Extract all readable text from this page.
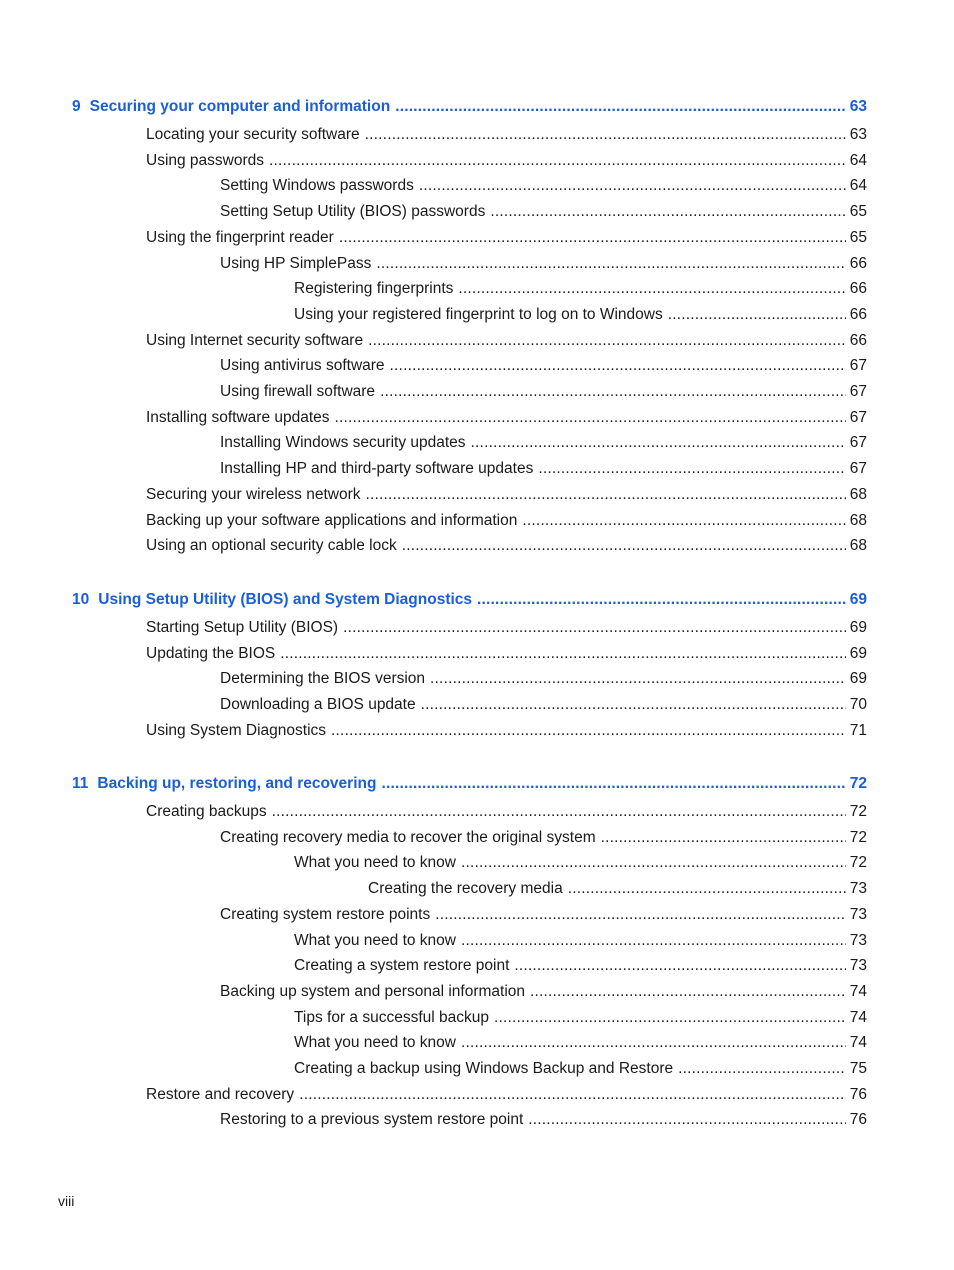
9 Securing your computer and information .....	63
Locating your security software .....	63
Using passwords .....	64
Setting Windows passwords .....	64
Setting Setup Utility (BIOS) passwords .....	65
Using the fingerprint reader .....	65
Using HP SimplePass .....	66
Registering fingerprints .....	66
Using your registered fingerprint to log on to Windows .....	66
Using Internet security software .....	66
Using antivirus software .....	67
Using firewall software .....	67
Installing software updates .....	67
Installing Windows security updates .....	67
Installing HP and third-party software updates .....	67
Securing your wireless network .....	68
Backing up your software applications and information .....	68
Using an optional security cable lock .....	68
10 Using Setup Utility (BIOS) and System Diagnostics .....	69
Starting Setup Utility (BIOS) .....	69
Updating the BIOS .....	69
Determining the BIOS version .....	69
Downloading a BIOS update .....	70
Using System Diagnostics .....	71
11 Backing up, restoring, and recovering .....	72
Creating backups .....	72
Creating recovery media to recover the original system .....	72
What you need to know .....	72
Creating the recovery media .....	73
Creating system restore points .....	73
What you need to know .....	73
Creating a system restore point .....	73
Backing up system and personal information .....	74
Tips for a successful backup .....	74
What you need to know .....	74
Creating a backup using Windows Backup and Restore .....	75
Restore and recovery .....	76
Restoring to a previous system restore point .....	76
viii
